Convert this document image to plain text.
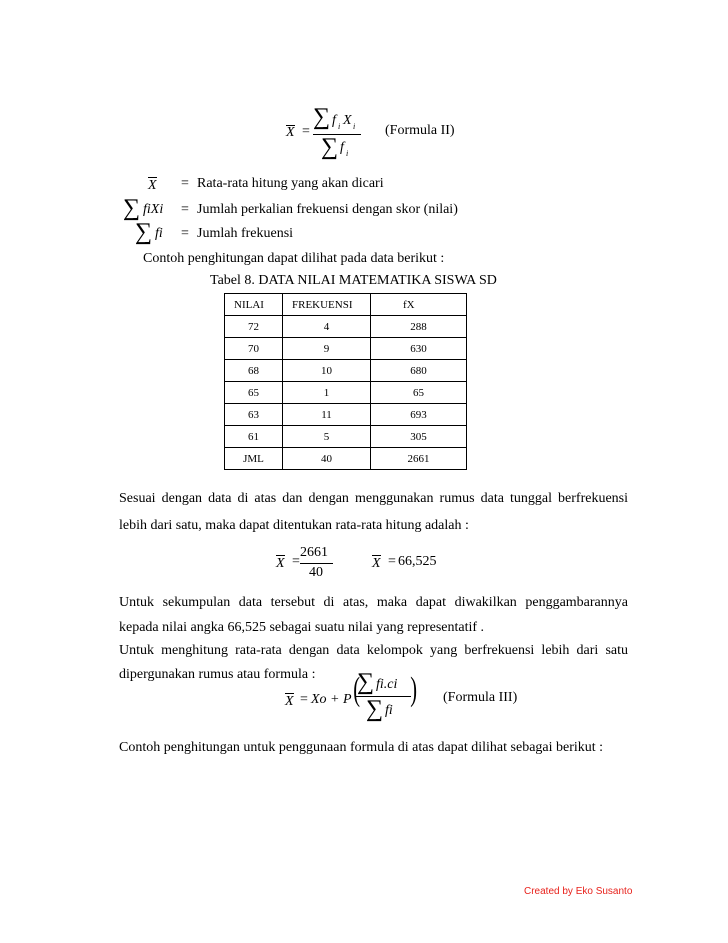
X =
∑ f i X i
∑ f i
(Formula II)
X = Rata-rata hitung yang akan dicari
∑ fiXi = Jumlah perkalian frekuensi dengan skor (nilai)
∑ fi = Jumlah frekuensi
Contoh penghitungan dapat dilihat pada data berikut :
Tabel 8. DATA NILAI MATEMATIKA SISWA SD
NILAI	FREKUENSI	fX
72	4	288
70	9	630
68	10	680
65	1	65
63	11	693
61	5	305
JML	40	2661
Sesuai dengan data di atas dan dengan menggunakan rumus data tunggal berfrekuensi
lebih dari satu, maka dapat ditentukan rata-rata hitung adalah :
X =
2661
40
X = 66,525
Untuk sekumpulan data tersebut di atas, maka dapat diwakilkan penggambarannya
kepada nilai angka 66,525 sebagai suatu nilai yang representatif .
Untuk menghitung rata-rata dengan data kelompok yang berfrekuensi lebih dari satu
dipergunakan rumus atau formula :
X = Xo + P (
∑ fi.ci
∑ fi
) (Formula III)
Contoh penghitungan untuk penggunaan formula di atas dapat dilihat sebagai berikut :
Created by Eko Susanto
